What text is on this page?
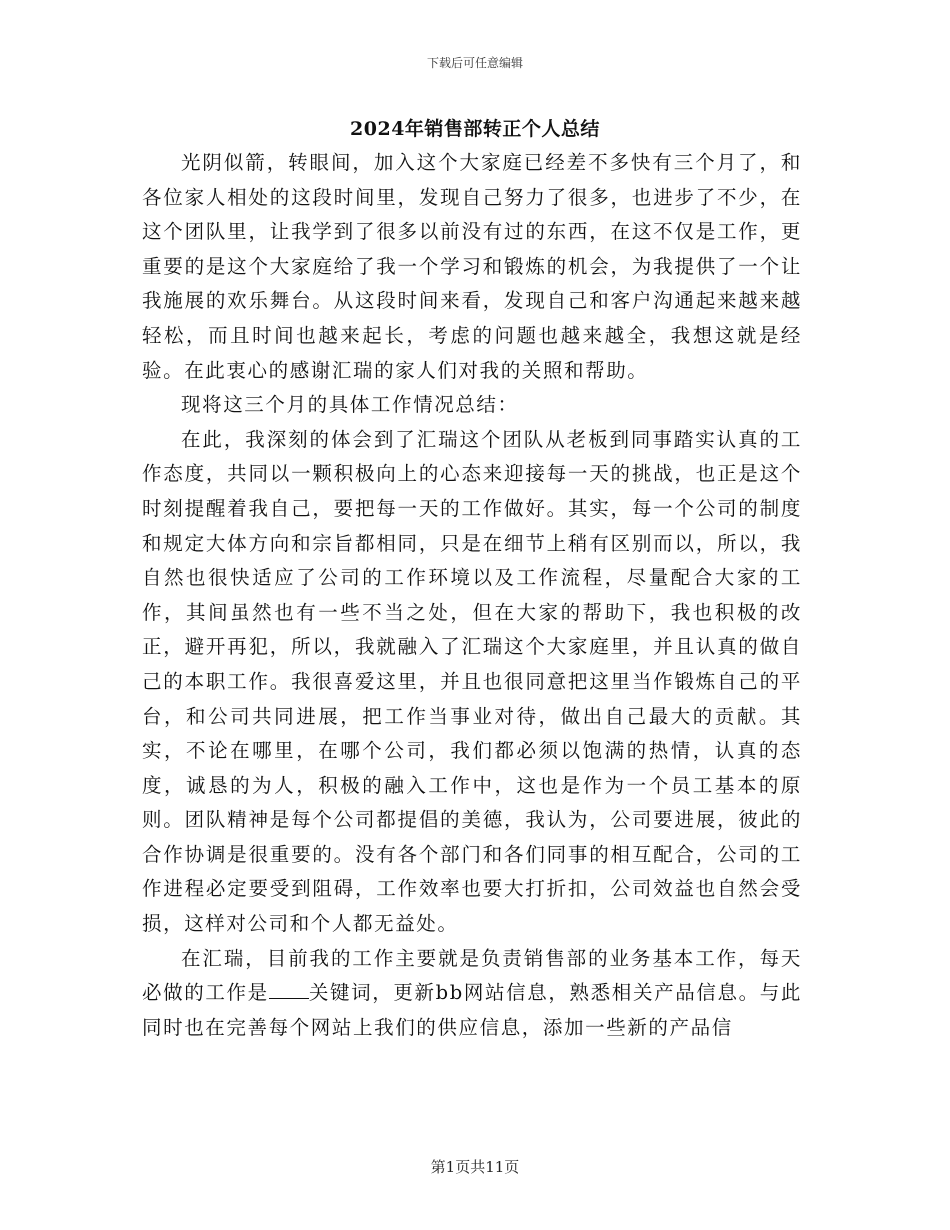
下载后可任意编辑
2024年销售部转正个人总结

光阴似箭，转眼间，加入这个大家庭已经差不多快有三个月了，和各位家人相处的这段时间里，发现自己努力了很多，也进步了不少，在这个团队里，让我学到了很多以前没有过的东西，在这不仅是工作，更重要的是这个大家庭给了我一个学习和锻炼的机会，为我提供了一个让我施展的欢乐舞台。从这段时间来看，发现自己和客户沟通起来越来越轻松，而且时间也越来起长，考虑的问题也越来越全，我想这就是经验。在此衷心的感谢汇瑞的家人们对我的关照和帮助。

现将这三个月的具体工作情况总结：

在此，我深刻的体会到了汇瑞这个团队从老板到同事踏实认真的工作态度，共同以一颗积极向上的心态来迎接每一天的挑战，也正是这个时刻提醒着我自己，要把每一天的工作做好。其实，每一个公司的制度和规定大体方向和宗旨都相同，只是在细节上稍有区别而以，所以，我自然也很快适应了公司的工作环境以及工作流程，尽量配合大家的工作，其间虽然也有一些不当之处，但在大家的帮助下，我也积极的改正，避开再犯，所以，我就融入了汇瑞这个大家庭里，并且认真的做自己的本职工作。我很喜爱这里，并且也很同意把这里当作锻炼自己的平台，和公司共同进展，把工作当事业对待，做出自己最大的贡献。其实，不论在哪里，在哪个公司，我们都必须以饱满的热情，认真的态度，诚恳的为人，积极的融入工作中，这也是作为一个员工基本的原则。团队精神是每个公司都提倡的美德，我认为，公司要进展，彼此的合作协调是很重要的。没有各个部门和各们同事的相互配合，公司的工作进程必定要受到阻碍，工作效率也要大打折扣，公司效益也自然会受损，这样对公司和个人都无益处。

在汇瑞，目前我的工作主要就是负责销售部的业务基本工作，每天必做的工作是 关键词，更新bb网站信息，熟悉相关产品信息。与此同时也在完善每个网站上我们的供应信息，添加一些新的产品信

第1页共11页
